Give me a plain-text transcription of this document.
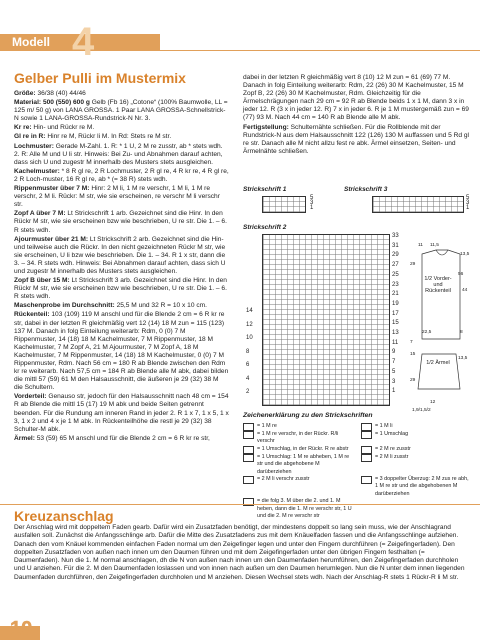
Modell 4
Gelber Pulli im Mustermix

Größe: 36/38 (40) 44/46

Material: 500 (550) 600 g Gelb (Fb 16) „Cotone“ (100% Baumwolle, LL = 125 m/ 50 g) von LANA GROSSA. 1 Paar LANA GROSSA-Schnellstrick-N sowie 1 LANA-GROSSA-Rundstrick-N Nr. 3.

Kr re: Hin- und Rückr re M.

Gl re in R: Hinr re M, Rückr li M. In Rd: Stets re M str.

Lochmuster: Gerade M-Zahl. 1. R: * 1 U, 2 M re zusstr, ab * stets wdh. 2. R: Alle M und U li str. Hinweis: Bei Zu- und Abnahmen darauf achten, dass sich U und zugestr M innerhalb des Musters stets ausgleichen.

Kachelmuster: * 8 R gl re, 2 R Lochmuster, 2 R gl re, 4 R kr re, 4 R gl re, 2 R Loch-muster, 16 R gl re, ab * (= 38 R) stets wdh.

Rippenmuster über 7 M: Hinr: 2 M li, 1 M re verschr, 1 M li, 1 M re verschr, 2 M li. Rückr: M str, wie sie erscheinen, re verschr M li verschr str.

Zopf A über 7 M: Lt Strickschrift 1 arb. Gezeichnet sind die Hinr. In den Rückr M str, wie sie erscheinen bzw wie beschrieben, U re str. Die 1. – 6. R stets wdh.

Ajourmuster über 21 M: Lt Strickschrift 2 arb. Gezeichnet sind die Hin- und teilweise auch die Rückr. In den nicht gezeichneten Rückr M str, wie sie erscheinen, U li bzw wie beschrieben. Die 1. – 34. R 1 x str, dann die 3. – 34. R stets wdh. Hinweis: Bei Abnahmen darauf achten, dass sich U und zugestr M innerhalb des Musters stets ausgleichen.

Zopf B über 15 M: Lt Strickschrift 3 arb. Gezeichnet sind die Hinr. In den Rückr M str, wie sie erscheinen bzw wie beschrieben, U re str. Die 1. – 6. R stets wdh.

Maschenprobe im Durchschnitt: 25,5 M und 32 R = 10 x 10 cm.

Rückenteil: 103 (109) 119 M anschl und für die Blende 2 cm = 6 R kr re str, dabei in der letzten R gleichmäßig vert 12 (14) 18 M zun = 115 (123) 137 M. Danach in folg Einteilung weiterarb: Rdm, 0 (0) 7 M Rippenmuster, 14 (18) 18 M Kachelmuster, 7 M Rippenmuster, 18 M Kachelmuster, 7 M Zopf A, 21 M Ajourmuster, 7 M Zopf A, 18 M Kachelmuster, 7 M Rippenmuster, 14 (18) 18 M Kachelmuster, 0 (0) 7 M Rippenmuster, Rdm. Nach 56 cm = 180 R ab Blende zwischen den Rdm kr re weiterarb. Nach 57,5 cm = 184 R ab Blende alle M abk, dabei bilden die mittl 57 (59) 61 M den Halsausschnitt, die äußeren je 29 (32) 38 M die Schultern.

Vorderteil: Genauso str, jedoch für den Halsausschnitt nach 48 cm = 154 R ab Blende die mittl 15 (17) 19 M abk und beide Seiten getrennt beenden. Für die Rundung am inneren Rand in jeder 2. R 1 x 7, 1 x 5, 1 x 3, 1 x 2 und 4 x je 1 M abk. In Rückenteilhöhe die restl je 29 (32) 38 Schulter-M abk.

Ärmel: 53 (59) 65 M anschl und für die Blende 2 cm = 6 R kr re str,

dabei in der letzten R gleichmäßig vert 8 (10) 12 M zun = 61 (69) 77 M. Danach in folg Einteilung weiterarb: Rdm, 22 (26) 30 M Kachelmuster, 15 M Zopf B, 22 (26) 30 M Kachelmuster, Rdm. Gleichzeitig für die Ärmelschrägungen nach 29 cm = 92 R ab Blende beids 1 x 1 M, dann 3 x in jeder 12. R (3 x in jeder 12. R) 7 x in jeder 6. R je 1 M mustergemäß zun = 69 (77) 93 M. Nach 44 cm = 140 R ab Blende alle M abk.

Fertigstellung: Schulternähte schließen. Für die Rollblende mit der Rundstrick-N aus dem Halsausschnitt 122 (126) 130 M auffassen und 5 Rd gl re str. Danach alle M nicht allzu fest re abk. Ärmel einsetzen, Seiten- und Ärmelnähte schließen.

Strickschrift 1
5
3
1
Strickschrift 3
5
3
1
Strickschrift 2
33
31
29
27
25
23
21
19
17
15
13
11
9
7
5
3
1
14
12
10
8
6
4
2
1/2 Vorder- und Rückenteil
1/2 Ärmel
11 11,5
13,5
29
44
56
22,5	8
7
15
13,5
29
12
1,9/1,5/2
Zeichenerklärung zu den Strickschriften
= 1 M re	= 1 M li
= 1 M re verschr, in der Rückr. R/li verschr
= 1 Umschlag
= 1 Umschlag, in der Rückr. R re abstr	= 2 M re zusstr
= 1 Umschlag: 1 M re abheben, 1 M re str und die abgehobene M darüberziehen
= 2 M li zusstr
= 2 M li verschr zusstr	= 3 doppelter Überzug: 2 M zus re abh, 1 M re str und die abgehobenen M darüberziehen
= die folg 3. M über die 2. und 1. M heben, dann die 1. M re verschr str, 1 U und die 2. M re verschr str
Kreuzanschlag
Der Anschlag wird mit doppeltem Faden gearb. Dafür wird ein Zusatzfaden benötigt, der mindestens doppelt so lang sein muss, wie der Anschlagrand ausfallen soll. Zunächst die Anfangsschlinge arb. Dafür die Mitte des Zusatzfadens zus mit dem Knäuelfaden fassen und die Anfangsschlinge aufziehen. Danach den vom Knäuel kommenden einfachen Faden normal um den Zeigefinger legen und unter den Fingern durchführen (= Zeigefingerfaden). Den doppelten Zusatzfaden von außen nach innen um den Daumen führen und mit dem Zeigefingerfaden unter den übrigen Fingern festhalten (= Daumenfaden). Nun die 1. M normal anschlagen, dh die N von außen nach innen um den Daumenfaden herumführen, den Zeigefingerfaden durchholen und U anziehen. Für die 2. M den Daumenfaden loslassen und von innen nach außen um den Daumen herumlegen. Nun die N unter dem innen liegenden Daumenfaden durchführen, den Zeigefingerfaden durchholen und M anziehen. Diesen Wechsel stets wdh. Nach der Anschlag-R stets 1 Rückr-R li M str.
10
